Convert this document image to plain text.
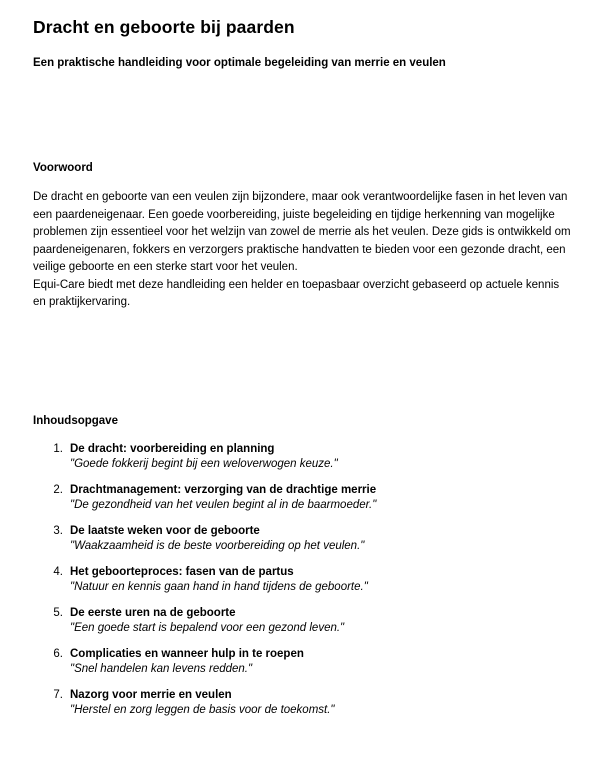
Dracht en geboorte bij paarden
Een praktische handleiding voor optimale begeleiding van merrie en veulen
Voorwoord

De dracht en geboorte van een veulen zijn bijzondere, maar ook verantwoordelijke fasen in het leven van een paardeneigenaar. Een goede voorbereiding, juiste begeleiding en tijdige herkenning van mogelijke problemen zijn essentieel voor het welzijn van zowel de merrie als het veulen. Deze gids is ontwikkeld om paardeneigenaren, fokkers en verzorgers praktische handvatten te bieden voor een gezonde dracht, een veilige geboorte en een sterke start voor het veulen.

Equi-Care biedt met deze handleiding een helder en toepasbaar overzicht gebaseerd op actuele kennis en praktijkervaring.

Inhoudsopgave
1. De dracht: voorbereiding en planning
"Goede fokkerij begint bij een weloverwogen keuze."
2. Drachtmanagement: verzorging van de drachtige merrie
"De gezondheid van het veulen begint al in de baarmoeder."
3. De laatste weken voor de geboorte
"Waakzaamheid is de beste voorbereiding op het veulen."
4. Het geboorteproces: fasen van de partus
"Natuur en kennis gaan hand in hand tijdens de geboorte."
5. De eerste uren na de geboorte
"Een goede start is bepalend voor een gezond leven."
6. Complicaties en wanneer hulp in te roepen
"Snel handelen kan levens redden."
7. Nazorg voor merrie en veulen
"Herstel en zorg leggen de basis voor de toekomst."
